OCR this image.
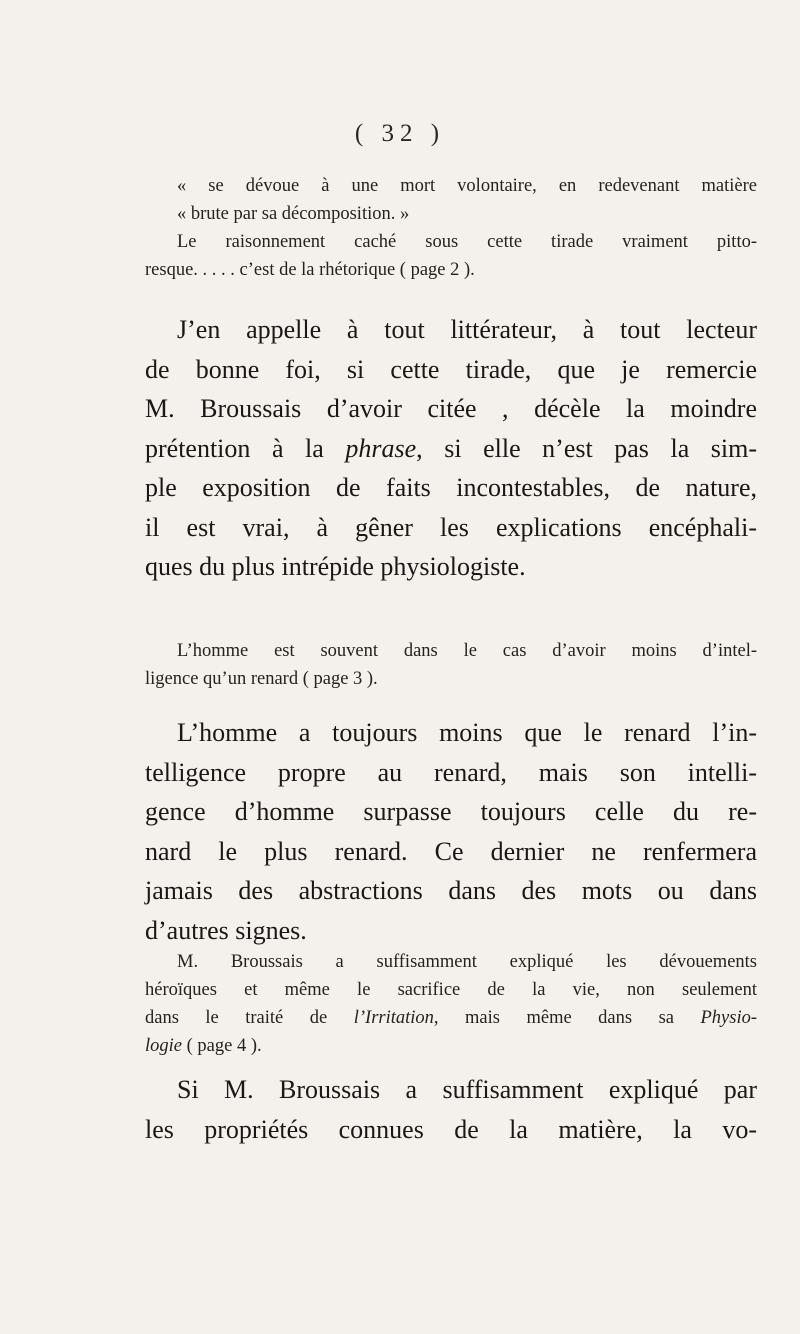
( 32 )
« se dévoue à une mort volontaire, en redevenant matière
« brute par sa décomposition. »
Le raisonnement caché sous cette tirade vraiment pitto-
resque. . . . . c’est de la rhétorique ( page 2 ).
J’en appelle à tout littérateur, à tout lecteur
de bonne foi, si cette tirade, que je remercie
M. Broussais d’avoir citée , décèle la moindre
prétention à la phrase, si elle n’est pas la sim-
ple exposition de faits incontestables, de nature,
il est vrai, à gêner les explications encéphali-
ques du plus intrépide physiologiste.
L’homme est souvent dans le cas d’avoir moins d’intel-
ligence qu’un renard ( page 3 ).
L’homme a toujours moins que le renard l’in-
telligence propre au renard, mais son intelli-
gence d’homme surpasse toujours celle du re-
nard le plus renard. Ce dernier ne renfermera
jamais des abstractions dans des mots ou dans
d’autres signes.
M. Broussais a suffisamment expliqué les dévouements
héroïques et même le sacrifice de la vie, non seulement
dans le traité de l’Irritation, mais même dans sa Physio-
logie ( page 4 ).
Si M. Broussais a suffisamment expliqué par
les propriétés connues de la matière, la vo-
